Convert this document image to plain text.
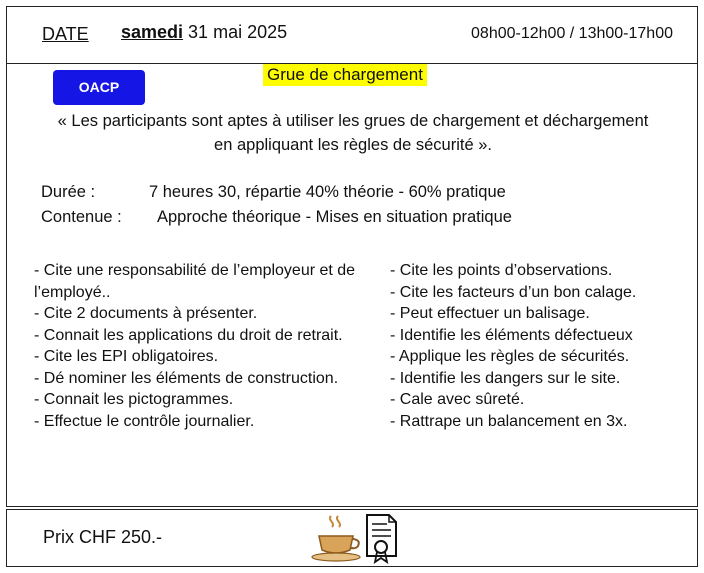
DATE samedi 31 mai 2025	08h00-12h00 / 13h00-17h00
OACP
Grue de chargement
« Les participants sont aptes à utiliser les grues de chargement et déchargement en appliquant les règles de sécurité ».
Durée :	7 heures 30, répartie 40% théorie - 60% pratique
Contenue : Approche théorique - Mises en situation pratique
- Cite une responsabilité de l’employeur et de l’employé..
- Cite 2 documents à présenter.
- Connait les applications du droit de retrait.
- Cite les EPI obligatoires.
- Dé nominer les éléments de construction.
- Connait les pictogrammes.
- Effectue le contrôle journalier.
- Cite les points d’observations.
- Cite les facteurs d’un bon calage.
- Peut effectuer un balisage.
- Identifie les éléments défectueux
- Applique les règles de sécurités.
- Identifie les dangers sur le site.
- Cale avec sûreté.
- Rattrape un balancement en 3x.
Prix CHF 250.-
